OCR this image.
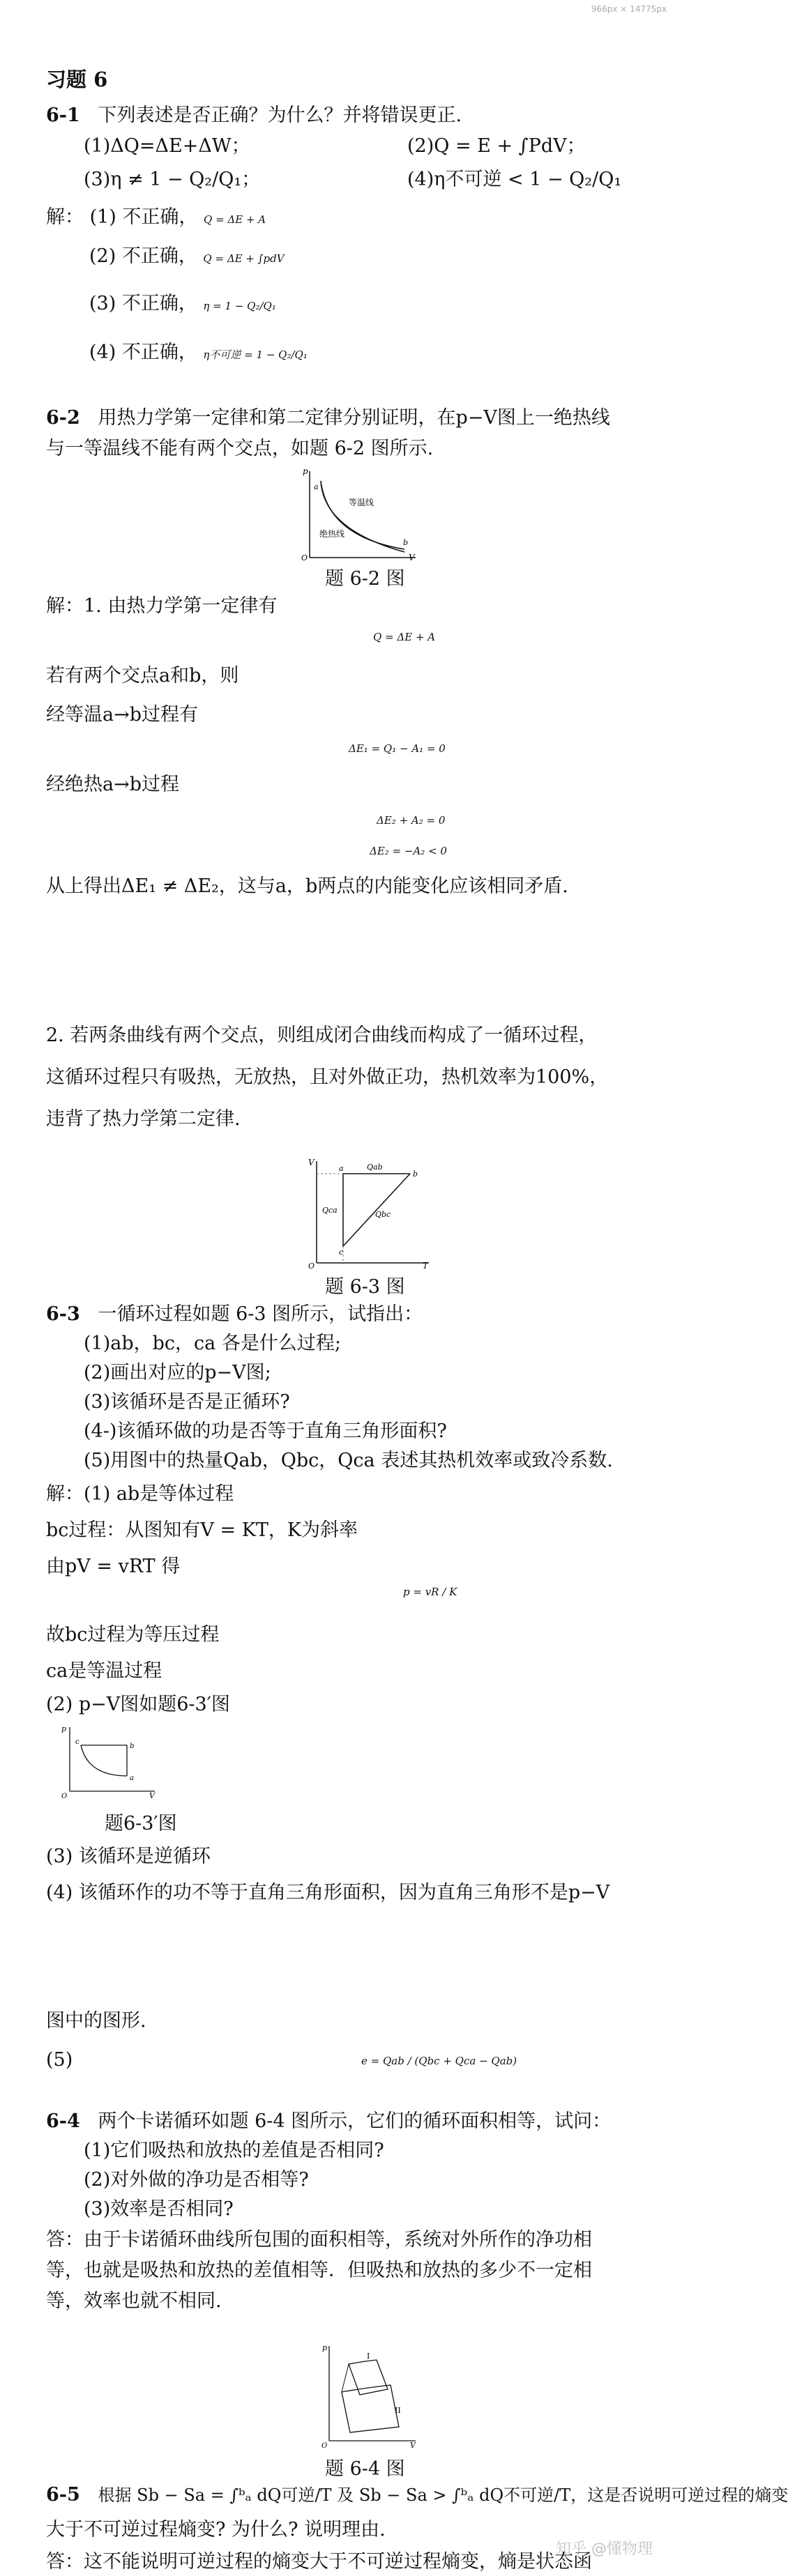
966px × 14775px
习题 6
6-1 下列表述是否正确？为什么？并将错误更正.
(1)ΔQ=ΔE+ΔW；	(2)Q = E + ∫PdV；
(3)η ≠ 1 − Q₂/Q₁；	(4)η不可逆 < 1 − Q₂/Q₁
解： (1) 不正确， Q = ΔE + A
(2) 不正确， Q = ΔE + ∫pdV
(3) 不正确， η = 1 − Q₂/Q₁
(4) 不正确， η不可逆 = 1 − Q₂/Q₁
6-2 用热力学第一定律和第二定律分别证明，在p−V图上一绝热线
与一等温线不能有两个交点，如题 6-2 图所示.
p
V
O
a
b
等温线
绝热线
题 6-2 图
解：1. 由热力学第一定律有
Q = ΔE + A
若有两个交点a和b，则
经等温a→b过程有
ΔE₁ = Q₁ − A₁ = 0
经绝热a→b过程
ΔE₂ + A₂ = 0
ΔE₂ = −A₂ < 0
从上得出ΔE₁ ≠ ΔE₂，这与a，b两点的内能变化应该相同矛盾.
2. 若两条曲线有两个交点，则组成闭合曲线而构成了一循环过程，
这循环过程只有吸热，无放热，且对外做正功，热机效率为100%，
违背了热力学第二定律.
V
T
O
a
b
c
Qab
Qca	Qbc
题 6-3 图
6-3 一循环过程如题 6-3 图所示，试指出：
(1)ab，bc，ca 各是什么过程;
(2)画出对应的p−V图;
(3)该循环是否是正循环?
(4-)该循环做的功是否等于直角三角形面积?
(5)用图中的热量Qab，Qbc，Qca 表述其热机效率或致冷系数.
解：(1) ab是等体过程
bc过程：从图知有V = KT，K为斜率
由pV = vRT 得
p = vR / K
故bc过程为等压过程
ca是等温过程
(2) p−V图如题6-3′图
p
V
O
b
a
c
题6-3′图
(3) 该循环是逆循环
(4) 该循环作的功不等于直角三角形面积，因为直角三角形不是p−V
图中的图形.
(5)	e = Qab / (Qbc + Qca − Qab)
6-4 两个卡诺循环如题 6-4 图所示，它们的循环面积相等，试问：
(1)它们吸热和放热的差值是否相同?
(2)对外做的净功是否相等?
(3)效率是否相同?
答：由于卡诺循环曲线所包围的面积相等，系统对外所作的净功相
等，也就是吸热和放热的差值相等．但吸热和放热的多少不一定相
等，效率也就不相同.
p
V
O
I
II
题 6-4 图
6-5 根据 Sb − Sa = ∫ᵇₐ dQ可逆/T 及 Sb − Sa > ∫ᵇₐ dQ不可逆/T，这是否说明可逆过程的熵变
大于不可逆过程熵变? 为什么? 说明理由.
答：这不能说明可逆过程的熵变大于不可逆过程熵变，熵是状态函
知乎 @懂物理
